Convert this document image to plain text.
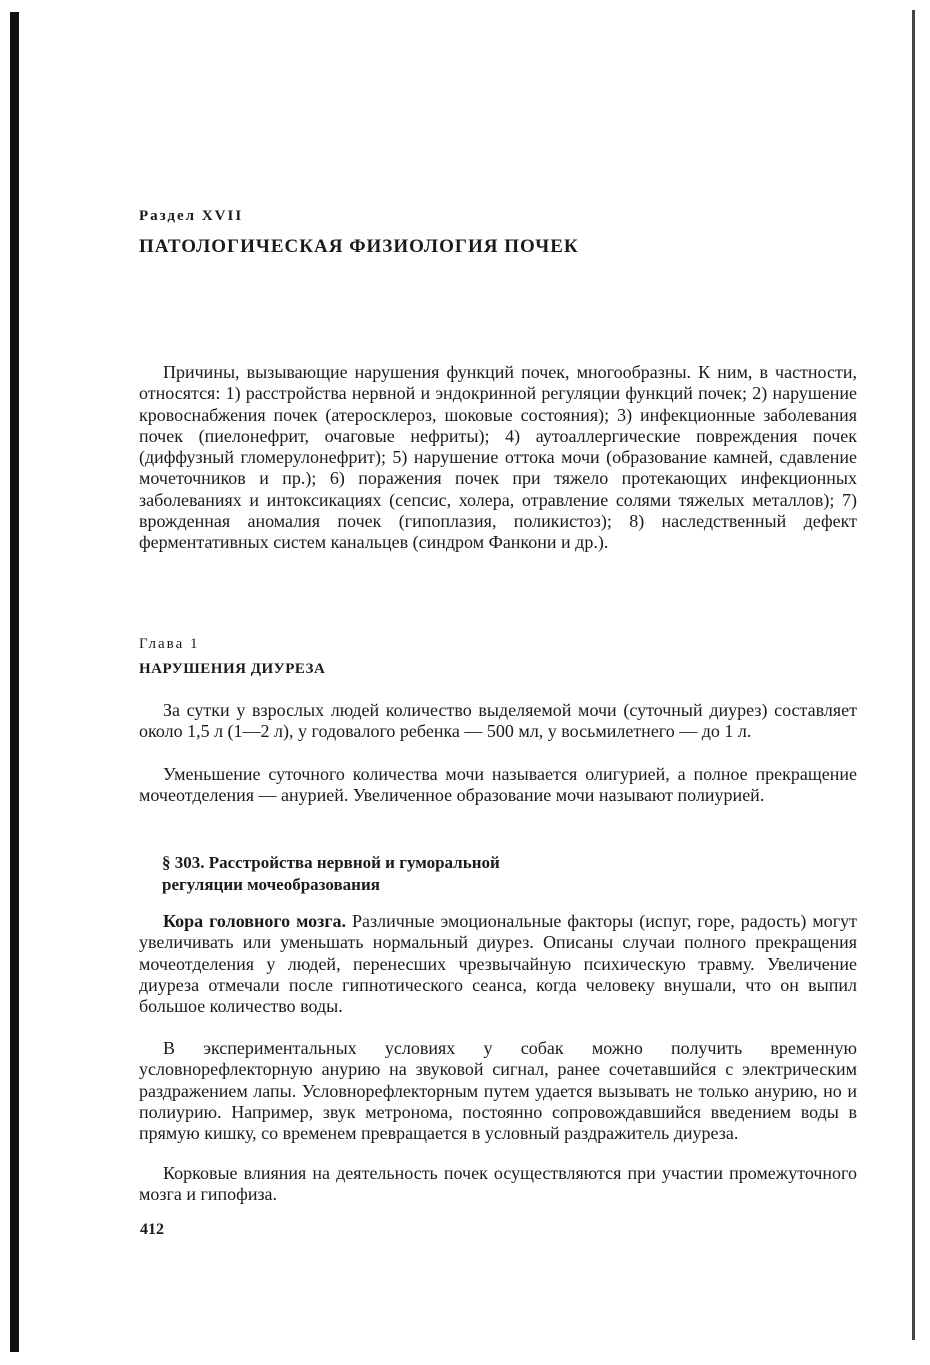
Раздел XVII
ПАТОЛОГИЧЕСКАЯ ФИЗИОЛОГИЯ ПОЧЕК

Причины, вызывающие нарушения функций почек, многообразны. К ним, в частности, относятся: 1) расстройства нервной и эндокринной регуляции функций почек; 2) нарушение кровоснабжения почек (атеросклероз, шоковые состояния); 3) инфекционные заболевания почек (пиелонефрит, очаговые нефриты); 4) аутоаллергические повреждения почек (диффузный гломерулонефрит); 5) нарушение оттока мочи (образование камней, сдавление мочеточников и пр.); 6) поражения почек при тяжело протекающих инфекционных заболеваниях и интоксикациях (сепсис, холера, отравление солями тяжелых металлов); 7) врожденная аномалия почек (гипоплазия, поликистоз); 8) наследственный дефект ферментативных систем канальцев (синдром Фанкони и др.).

Глава 1
НАРУШЕНИЯ ДИУРЕЗА

За сутки у взрослых людей количество выделяемой мочи (суточный диурез) составляет около 1,5 л (1—2 л), у годовалого ребенка — 500 мл, у восьмилетнего — до 1 л.

Уменьшение суточного количества мочи называется олигурией, а полное прекращение мочеотделения — анурией. Увеличенное образование мочи называют полиурией.

§ 303. Расстройства нервной и гуморальной
регуляции мочеобразования

Кора головного мозга. Различные эмоциональные факторы (испуг, горе, радость) могут увеличивать или уменьшать нормальный диурез. Описаны случаи полного прекращения мочеотделения у людей, перенесших чрезвычайную психическую травму. Увеличение диуреза отмечали после гипнотического сеанса, когда человеку внушали, что он выпил большое количество воды.

В экспериментальных условиях у собак можно получить временную условнорефлекторную анурию на звуковой сигнал, ранее сочетавшийся с электрическим раздражением лапы. Условнорефлекторным путем удается вызывать не только анурию, но и полиурию. Например, звук метронома, постоянно сопровождавшийся введением воды в прямую кишку, со временем превращается в условный раздражитель диуреза.

Корковые влияния на деятельность почек осуществляются при участии промежуточного мозга и гипофиза.

412
